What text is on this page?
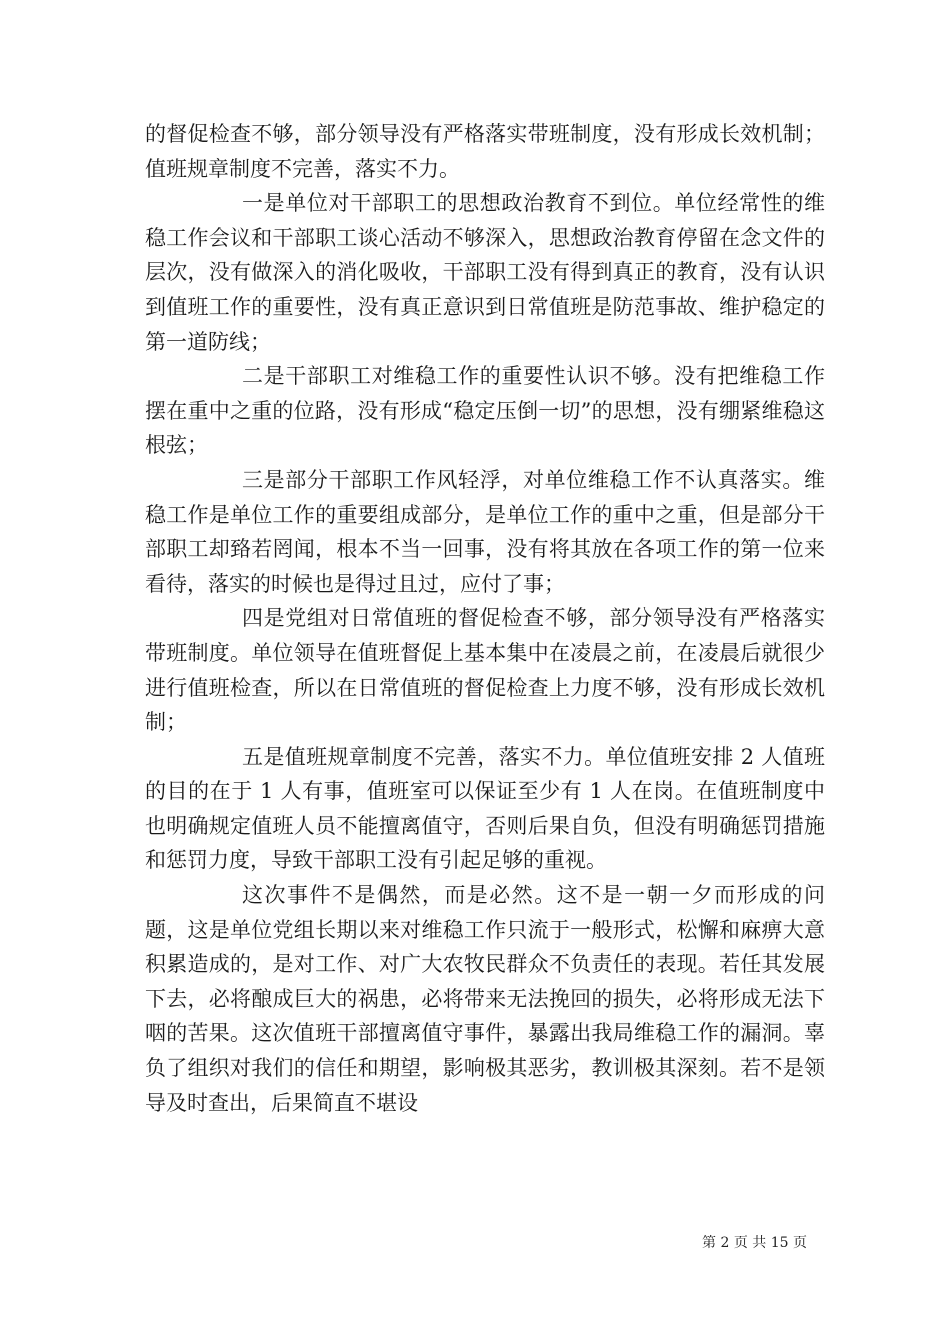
的督促检查不够，部分领导没有严格落实带班制度，没有形成长效机制；值班规章制度不完善，落实不力。

一是单位对干部职工的思想政治教育不到位。单位经常性的维稳工作会议和干部职工谈心活动不够深入，思想政治教育停留在念文件的层次，没有做深入的消化吸收，干部职工没有得到真正的教育，没有认识到值班工作的重要性，没有真正意识到日常值班是防范事故、维护稳定的第一道防线；

二是干部职工对维稳工作的重要性认识不够。没有把维稳工作摆在重中之重的位路，没有形成“稳定压倒一切”的思想，没有绷紧维稳这根弦；

三是部分干部职工作风轻浮，对单位维稳工作不认真落实。维稳工作是单位工作的重要组成部分，是单位工作的重中之重，但是部分干部职工却臵若罔闻，根本不当一回事，没有将其放在各项工作的第一位来看待，落实的时候也是得过且过，应付了事；

四是党组对日常值班的督促检查不够，部分领导没有严格落实带班制度。单位领导在值班督促上基本集中在凌晨之前，在凌晨后就很少进行值班检查，所以在日常值班的督促检查上力度不够，没有形成长效机制；

五是值班规章制度不完善，落实不力。单位值班安排 2 人值班的目的在于 1 人有事，值班室可以保证至少有 1 人在岗。在值班制度中也明确规定值班人员不能擅离值守，否则后果自负，但没有明确惩罚措施和惩罚力度，导致干部职工没有引起足够的重视。

这次事件不是偶然，而是必然。这不是一朝一夕而形成的问题，这是单位党组长期以来对维稳工作只流于一般形式，松懈和麻痹大意积累造成的，是对工作、对广大农牧民群众不负责任的表现。若任其发展下去，必将酿成巨大的祸患，必将带来无法挽回的损失，必将形成无法下咽的苦果。这次值班干部擅离值守事件，暴露出我局维稳工作的漏洞。辜负了组织对我们的信任和期望，影响极其恶劣，教训极其深刻。若不是领导及时查出，后果简直不堪设

第 2 页 共 15 页
